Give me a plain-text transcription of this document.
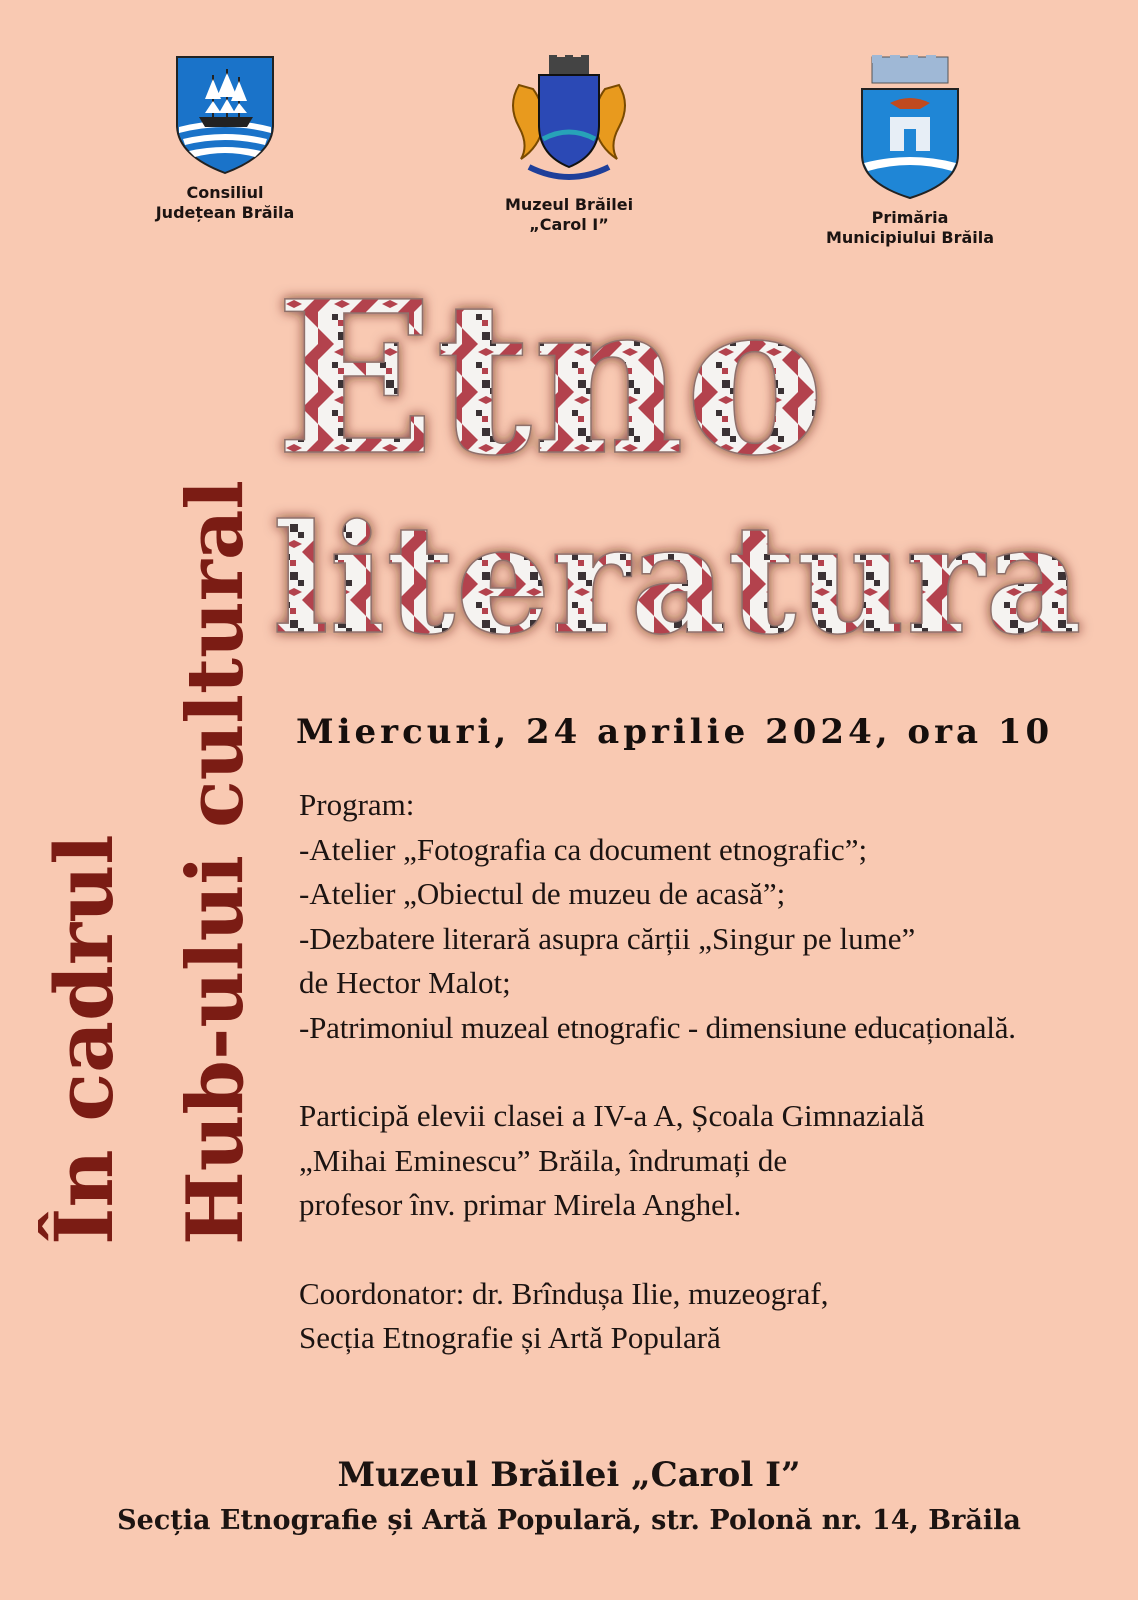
Consiliul
Județean Brăila	Muzeul Brăilei
„Carol I”	Primăria
Municipiului Brăila
În cadrul Hub-ului cultural
Etno
literatura
Miercuri, 24 aprilie 2024, ora 10
Program:
-Atelier „Fotografia ca document etnografic”;
-Atelier „Obiectul de muzeu de acasă”;
-Dezbatere literară asupra cărții „Singur pe lume”
de Hector Malot;
-Patrimoniul muzeal etnografic - dimensiune educațională.
Participă elevii clasei a IV-a A, Școala Gimnazială
„Mihai Eminescu” Brăila, îndrumați de
profesor înv. primar Mirela Anghel.
Coordonator: dr. Brîndușa Ilie, muzeograf,
Secția Etnografie și Artă Populară
Muzeul Brăilei „Carol I”
Secția Etnografie și Artă Populară, str. Polonă nr. 14, Brăila
